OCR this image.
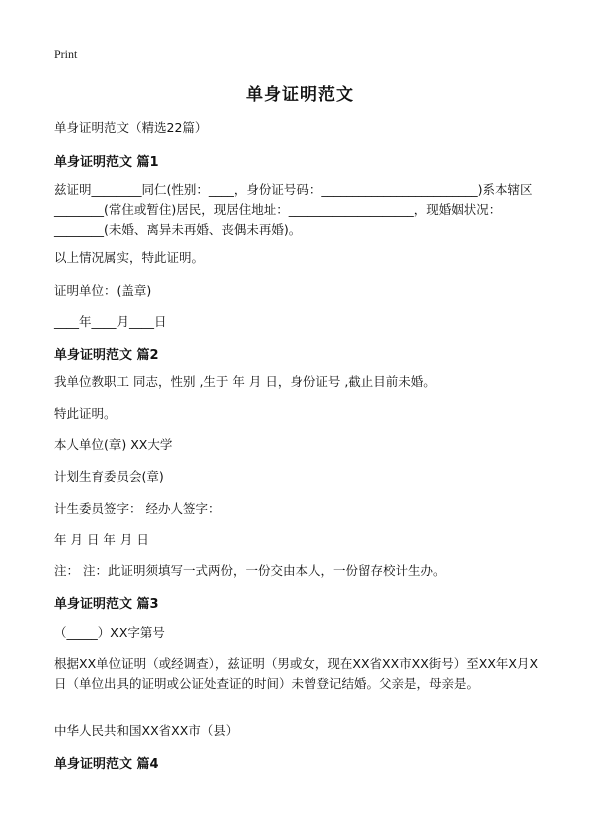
Print
单身证明范文

单身证明范文（精选22篇）

单身证明范文 篇1

兹证明________同仁(性别：____，身份证号码：_________________________)系本辖区________(常住或暂住)居民，现居住地址：____________________，现婚姻状况：________(未婚、离异未再婚、丧偶未再婚)。

以上情况属实，特此证明。

证明单位：(盖章)

____年____月____日

单身证明范文 篇2

我单位教职工 同志，性别 ,生于 年 月 日，身份证号 ,截止目前未婚。

特此证明。

本人单位(章) XX大学

计划生育委员会(章)

计生委员签字： 经办人签字：

年 月 日 年 月 日

注： 注：此证明须填写一式两份，一份交由本人，一份留存校计生办。

单身证明范文 篇3

（_____）XX字第号

根据XX单位证明（或经调查），兹证明（男或女，现在XX省XX市XX街号）至XX年X月X日（单位出具的证明或公证处查证的时间）未曾登记结婚。父亲是，母亲是。

中华人民共和国XX省XX市（县）

单身证明范文 篇4
